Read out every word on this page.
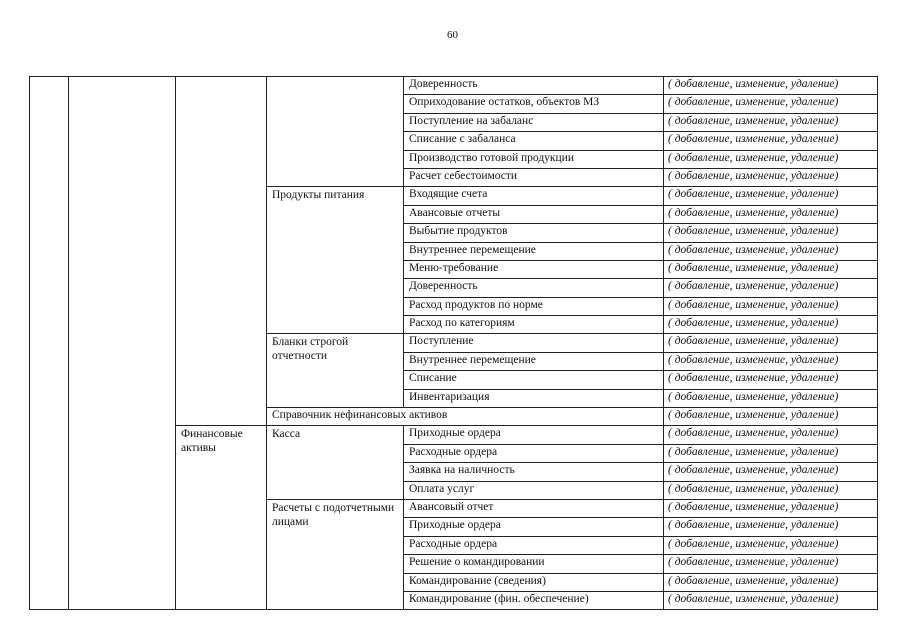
60
				Доверенность	( добавление, изменение, удаление)
				Оприходование остатков, объектов МЗ	( добавление, изменение, удаление)
				Поступление на забаланс	( добавление, изменение, удаление)
				Списание с забаланса	( добавление, изменение, удаление)
				Производство готовой продукции	( добавление, изменение, удаление)
				Расчет себестоимости	( добавление, изменение, удаление)
			Продукты питания	Входящие счета	( добавление, изменение, удаление)
				Авансовые отчеты	( добавление, изменение, удаление)
				Выбытие продуктов	( добавление, изменение, удаление)
				Внутреннее перемещение	( добавление, изменение, удаление)
				Меню-требование	( добавление, изменение, удаление)
				Доверенность	( добавление, изменение, удаление)
				Расход продуктов по норме	( добавление, изменение, удаление)
				Расход по категориям	( добавление, изменение, удаление)
			Бланки строгой отчетности	Поступление	( добавление, изменение, удаление)
				Внутреннее перемещение	( добавление, изменение, удаление)
				Списание	( добавление, изменение, удаление)
				Инвентаризация	( добавление, изменение, удаление)
			Справочник нефинансовых активов		( добавление, изменение, удаление)
		Финансовые активы	Касса	Приходные ордера	( добавление, изменение, удаление)
				Расходные ордера	( добавление, изменение, удаление)
				Заявка на наличность	( добавление, изменение, удаление)
				Оплата услуг	( добавление, изменение, удаление)
			Расчеты с подотчетными лицами	Авансовый отчет	( добавление, изменение, удаление)
				Приходные ордера	( добавление, изменение, удаление)
				Расходные ордера	( добавление, изменение, удаление)
				Решение о командировании	( добавление, изменение, удаление)
				Командирование (сведения)	( добавление, изменение, удаление)
				Командирование (фин. обеспечение)	( добавление, изменение, удаление)
